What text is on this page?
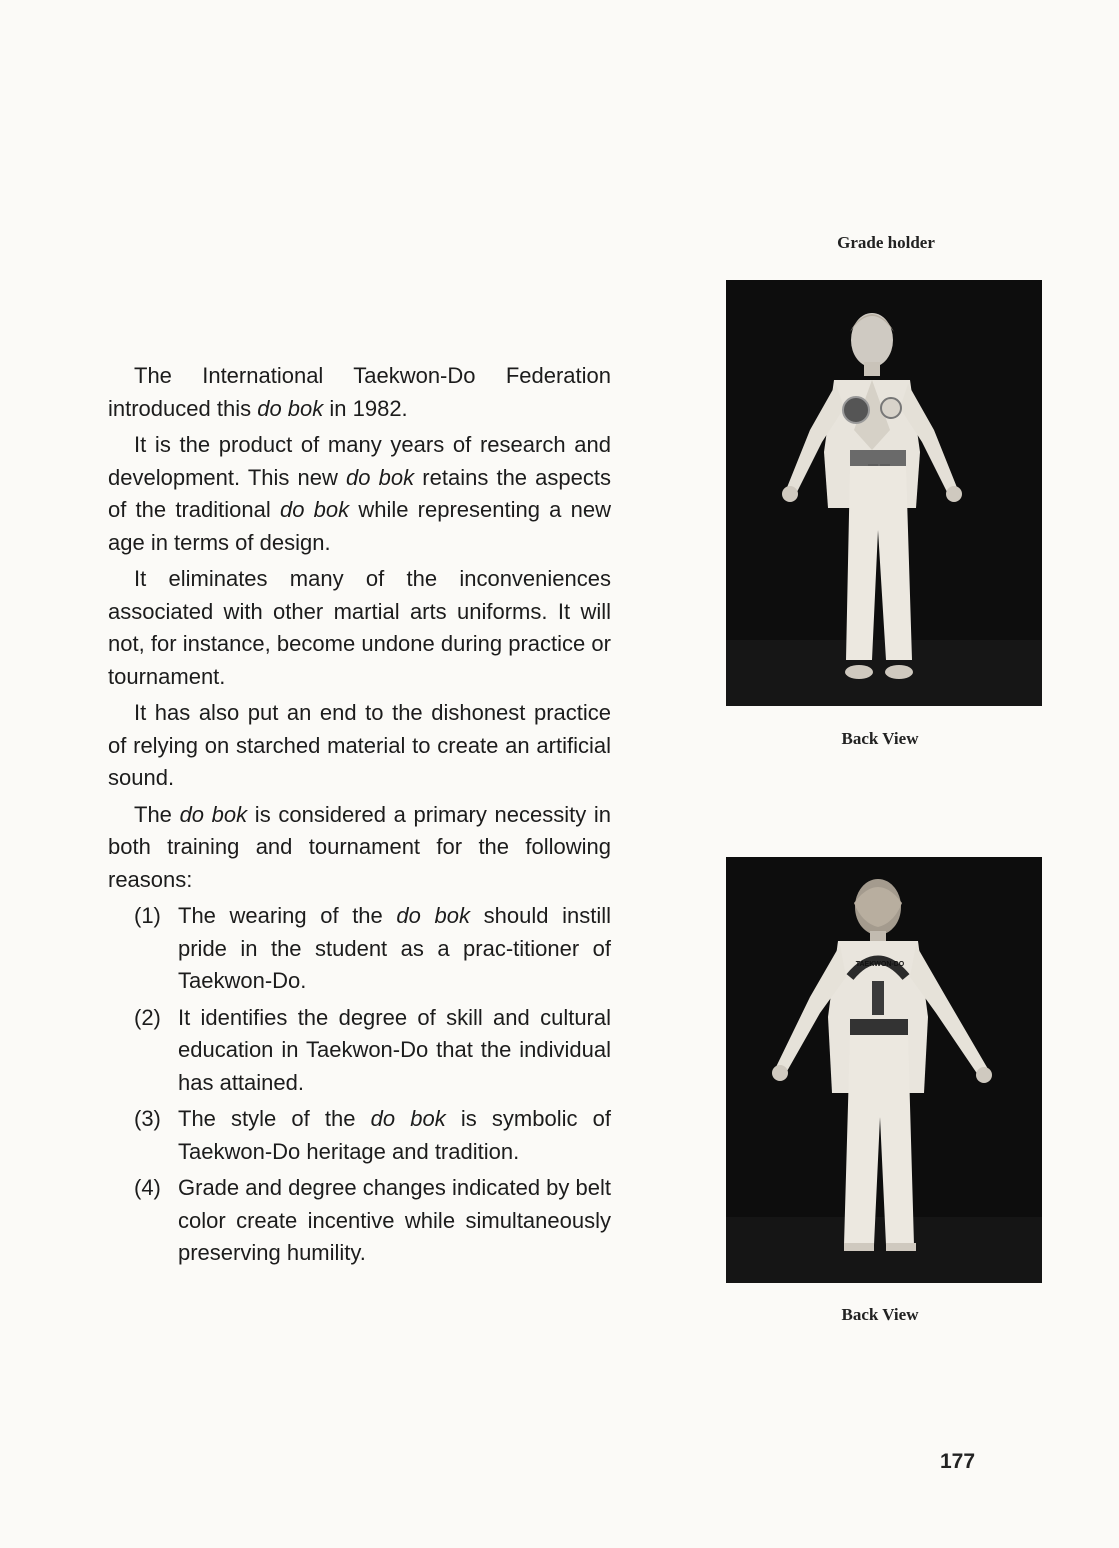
Grade holder
Back View
TAEKWON-DO
Back View

The International Taekwon-Do Federation introduced this do bok in 1982.

It is the product of many years of research and development. This new do bok retains the aspects of the traditional do bok while representing a new age in terms of design.

It eliminates many of the inconveniences associated with other martial arts uniforms. It will not, for instance, become undone during practice or tournament.

It has also put an end to the dishonest practice of relying on starched material to create an artificial sound.

The do bok is considered a primary necessity in both training and tournament for the following reasons:

(1) The wearing of the do bok should instill pride in the student as a prac-titioner of Taekwon-Do.
(2) It identifies the degree of skill and cultural education in Taekwon-Do that the individual has attained.
(3) The style of the do bok is symbolic of Taekwon-Do heritage and tradition.
(4) Grade and degree changes indicated by belt color create incentive while simultaneously preserving humility.
177
